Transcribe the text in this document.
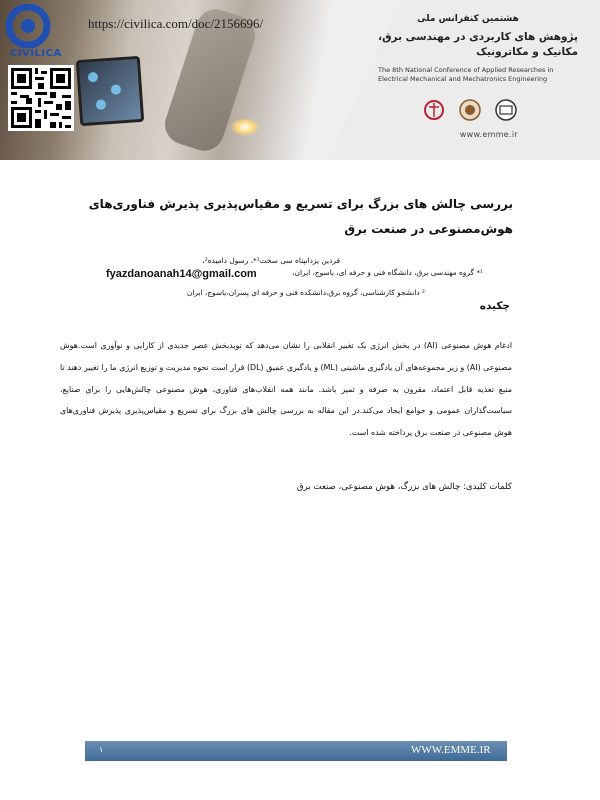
CIVILICA
https://civilica.com/doc/2156696/	هشتمین کنفرانس ملی
پژوهش های کاربردی در مهندسی برق، مکانیک و مکاترونیک
The 8th National Conference of Applied Researches in Electrical Mechanical and Mechatronics Engineering
www.emme.ir
بررسی چالش های بزرگ برای تسریع و مقیاس‌پذیری پذیرش فناوری‌های هوش‌مصنوعی در صنعت برق
فردین یزدانپناه سی سخت¹*، رسول دامیده²،
¹* گروه مهندسی برق، دانشگاه فنی و حرفه ای، یاسوج، ایران،
fyazdanoanah14@gmail.com
² دانشجو کارشناسی، گروه برق،دانشکده فنی و حرفه ای پسران،یاسوج، ایران
چکیده
ادغام هوش مصنوعی (AI) در بخش انرژی یک تغییر انقلابی را نشان می‌دهد که نویدبخش عصر جدیدی از کارایی و نوآوری است.هوش مصنوعی (AI) و زیر مجموعه‌های آن یادگیری ماشینی (ML) و یادگیری عمیق (DL) قرار است نحوه مدیریت و توزیع انرژی ما را تغییر دهند تا منبع تغذیه قابل اعتماد، مقرون به صرفه و تمیز باشد. مانند همه انقلاب‌های فناوری، هوش مصنوعی چالش‌هایی را برای صنایع، سیاست‌گذاران عمومی و جوامع ایجاد می‌کند.در این مقاله به بررسی چالش های بزرگ برای تسریع و مقیاس‌پذیری پذیرش فناوری‌های هوش مصنوعی در صنعت برق پرداخته شده است.
کلمات کلیدی: چالش های بزرگ، هوش مصنوعی، صنعت برق
۱	WWW.EMME.IR
